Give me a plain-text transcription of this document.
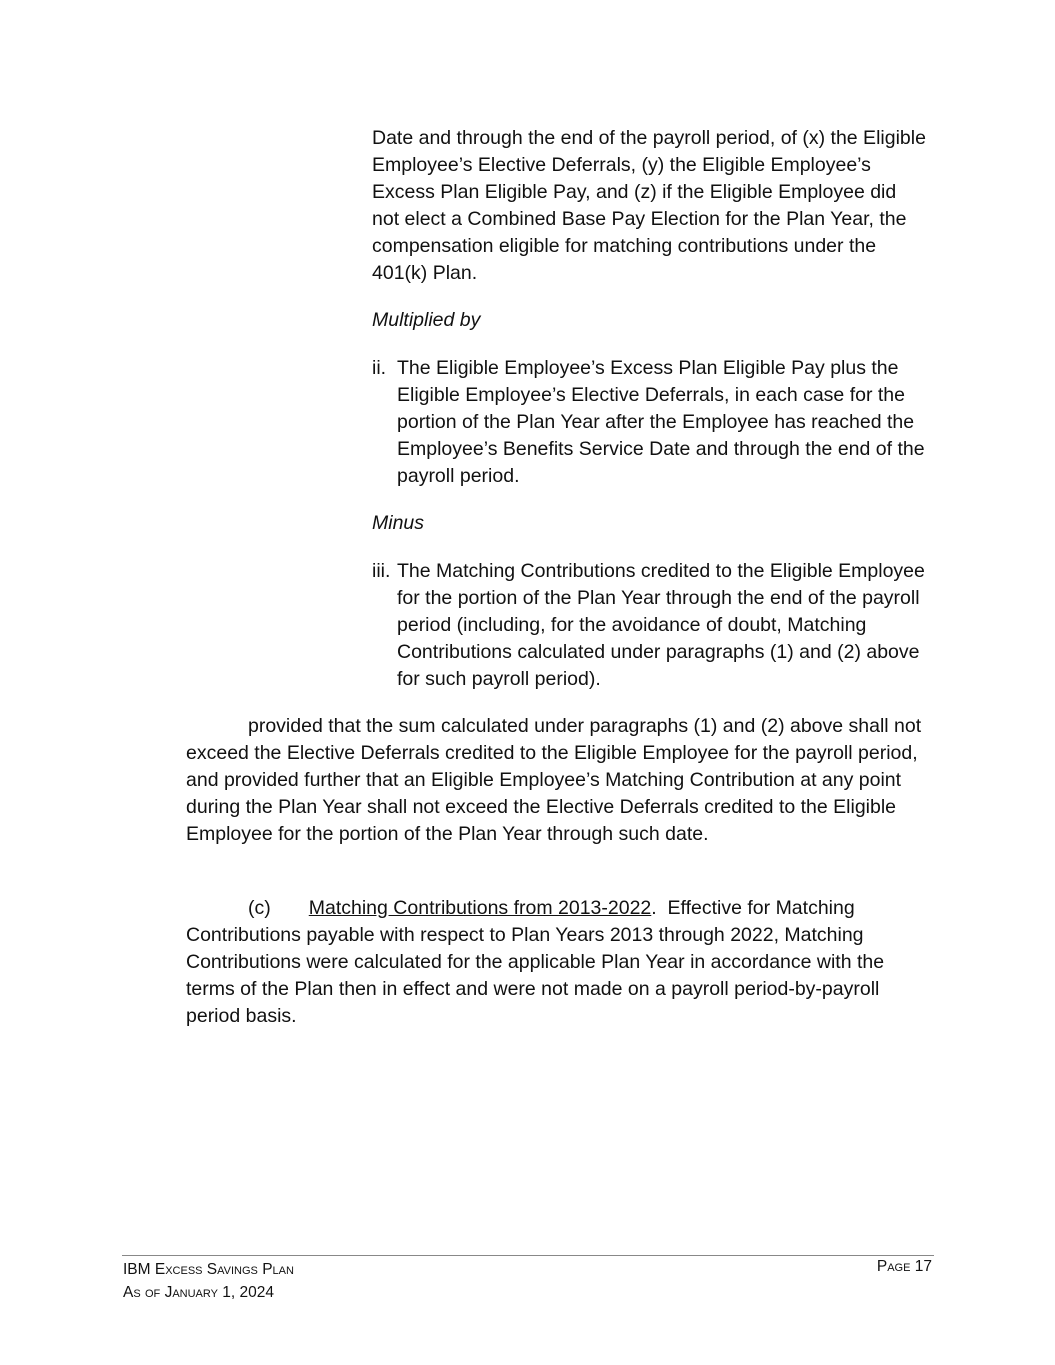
Date and through the end of the payroll period, of (x) the Eligible Employee’s Elective Deferrals, (y) the Eligible Employee’s Excess Plan Eligible Pay, and (z) if the Eligible Employee did not elect a Combined Base Pay Election for the Plan Year, the compensation eligible for matching contributions under the 401(k) Plan.

Multiplied by

ii. The Eligible Employee’s Excess Plan Eligible Pay plus the Eligible Employee’s Elective Deferrals, in each case for the portion of the Plan Year after the Employee has reached the Employee’s Benefits Service Date and through the end of the payroll period.

Minus

iii. The Matching Contributions credited to the Eligible Employee for the portion of the Plan Year through the end of the payroll period (including, for the avoidance of doubt, Matching Contributions calculated under paragraphs (1) and (2) above for such payroll period).

provided that the sum calculated under paragraphs (1) and (2) above shall not exceed the Elective Deferrals credited to the Eligible Employee for the payroll period, and provided further that an Eligible Employee’s Matching Contribution at any point during the Plan Year shall not exceed the Elective Deferrals credited to the Eligible Employee for the portion of the Plan Year through such date.

(c) Matching Contributions from 2013-2022. Effective for Matching Contributions payable with respect to Plan Years 2013 through 2022, Matching Contributions were calculated for the applicable Plan Year in accordance with the terms of the Plan then in effect and were not made on a payroll period-by-payroll period basis.

IBM Excess Savings Plan
As of January 1, 2024
Page 17
